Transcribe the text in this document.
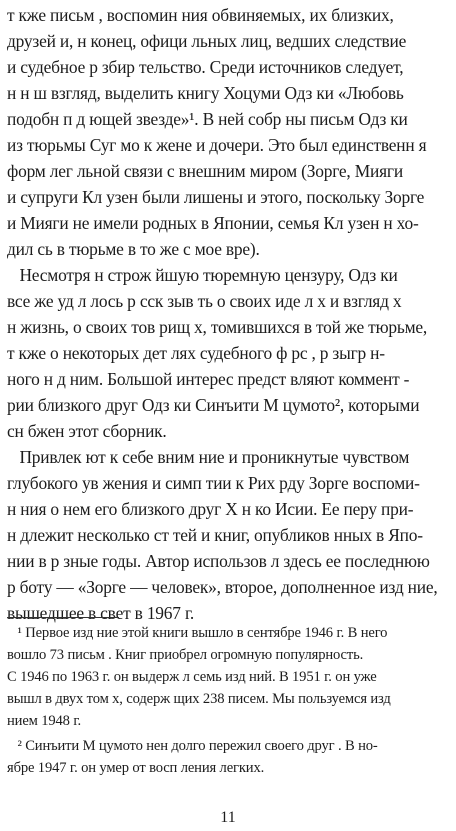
т кже письм , воспомин ния обвиняемых, их близких,
друзей и, н конец, офици льных лиц, ведших следствие
и судебное р збир тельство. Среди источников следует,
н н ш взгляд, выделить книгу Хоцуми Одз ки «Любовь
подобн п д ющей звезде»¹. В ней собр ны письм Одз ки
из тюрьмы Суг мо к жене и дочери. Это был единственн я
форм лег льной связи с внешним миром (Зорге, Мияги
и супруги Кл узен были лишены и этого, поскольку Зорге
и Мияги не имели родных в Японии, семья Кл узен н хо-
дил сь в тюрьме в то же с мое вре).
Несмотря н строж йшую тюремную цензуру, Одз ки
все же уд л лось р сск зыв ть о своих иде л х и взгляд х
н жизнь, о своих тов рищ х, томившихся в той же тюрьме,
т кже о некоторых дет лях судебного ф рс , р зыгр н-
ного н д ним. Большой интерес предст вляют коммент -
рии близкого друг Одз ки Синъити М цумото², которыми
сн бжен этот сборник.
Привлек ют к себе вним ние и проникнутые чувством
глубокого ув жения и симп тии к Рих рду Зорге воспоми-
н ния о нем его близкого друг Х н ко Исии. Ее перу при-
н длежит несколько ст тей и книг, опубликов нных в Япо-
нии в р зные годы. Автор использов л здесь ее последнюю
р боту — «Зорге — человек», второе, дополненное изд ние,
вышедшее в свет в 1967 г.
¹ Первое изд ние этой книги вышло в сентябре 1946 г. В него
вошло 73 письм . Книг приобрел огромную популярность.
С 1946 по 1963 г. он выдерж л семь изд ний. В 1951 г. он уже
вышл в двух том х, содерж щих 238 писем. Мы пользуемся изд
нием 1948 г.
² Синъити М цумото нен долго пережил своего друг . В но-
ябре 1947 г. он умер от восп ления легких.
11
